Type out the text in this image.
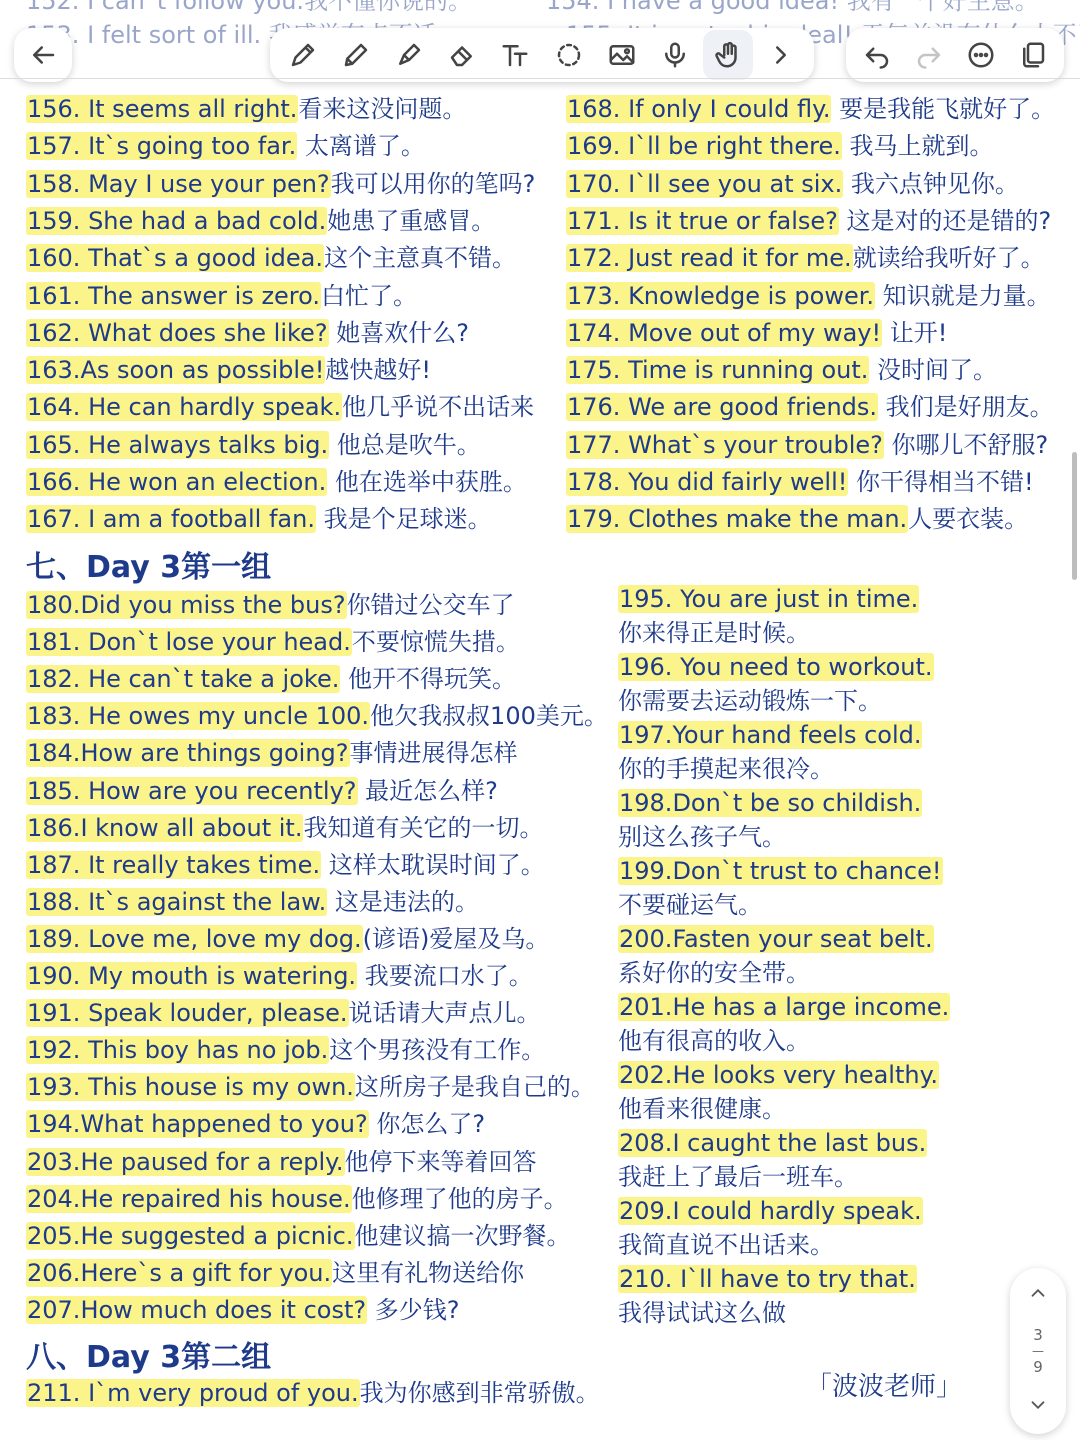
156. It seems all right.看来这没问题。
157. It`s going too far. 太离谱了。
158. May I use your pen?我可以用你的笔吗?
159. She had a bad cold.她患了重感冒。
160. That`s a good idea.这个主意真不错。
161. The answer is zero.白忙了。
162. What does she like? 她喜欢什么?
163.As soon as possible!越快越好!
164. He can hardly speak.他几乎说不出话来
165. He always talks big. 他总是吹牛。
166. He won an election. 他在选举中获胜。
167. I am a football fan. 我是个足球迷。
168. If only I could fly. 要是我能飞就好了。
169. I`ll be right there. 我马上就到。
170. I`ll see you at six. 我六点钟见你。
171. Is it true or false? 这是对的还是错的?
172. Just read it for me.就读给我听好了。
173. Knowledge is power. 知识就是力量。
174. Move out of my way! 让开!
175. Time is running out. 没时间了。
176. We are good friends. 我们是好朋友。
177. What`s your trouble? 你哪儿不舒服?
178. You did fairly well! 你干得相当不错!
179. Clothes make the man.人要衣装。
七、Day 3第一组
180.Did you miss the bus?你错过公交车了
181. Don`t lose your head.不要惊慌失措。
182. He can`t take a joke. 他开不得玩笑。
183. He owes my uncle 100.他欠我叔叔100美元。
184.How are things going?事情进展得怎样
185. How are you recently? 最近怎么样?
186.I know all about it.我知道有关它的一切。
187. It really takes time. 这样太耽误时间了。
188. It`s against the law. 这是违法的。
189. Love me, love my dog.(谚语)爱屋及乌。
190. My mouth is watering. 我要流口水了。
191. Speak louder, please.说话请大声点儿。
192. This boy has no job.这个男孩没有工作。
193. This house is my own.这所房子是我自己的。
194.What happened to you? 你怎么了?
203.He paused for a reply.他停下来等着回答
204.He repaired his house.他修理了他的房子。
205.He suggested a picnic.他建议搞一次野餐。
206.Here`s a gift for you.这里有礼物送给你
207.How much does it cost? 多少钱?
195. You are just in time.
你来得正是时候。
196. You need to workout.
你需要去运动锻炼一下。
197.Your hand feels cold.
你的手摸起来很冷。
198.Don`t be so childish.
别这么孩子气。
199.Don`t trust to chance!
不要碰运气。
200.Fasten your seat belt.
系好你的安全带。
201.He has a large income.
他有很高的收入。
202.He looks very healthy.
他看来很健康。
208.I caught the last bus.
我赶上了最后一班车。
209.I could hardly speak.
我简直说不出话来。
210. I`ll have to try that.
我得试试这么做
八、Day 3第二组
211. I`m very proud of you.我为你感到非常骄傲。	「波波老师」
3
—
9
